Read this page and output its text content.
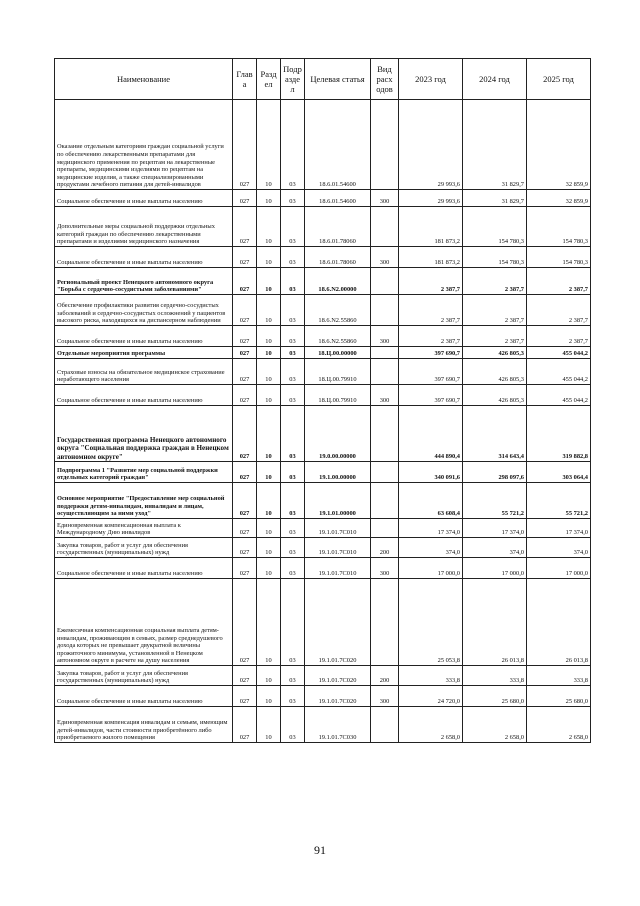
Наименование	Глав а	Разд ел	Подр азде л	Целевая статья	Вид расх одов	2023 год	2024 год	2025 год
Оказание отдельным категориям граждан социальной услуги по обеспечению лекарственными препаратами для медицинского применения по рецептам на лекарственные препараты, медицинскими изделиями по рецептам на медицинские изделия, а также специализированными продуктами лечебного питания для детей-инвалидов	027	10	03	18.6.01.54600		29 993,6	31 829,7	32 859,9
Социальное обеспечение и иные выплаты населению	027	10	03	18.6.01.54600	300	29 993,6	31 829,7	32 859,9
Дополнительные меры социальной поддержки отдельных категорий граждан по обеспечению лекарственными препаратами и изделиями медицинского назначения	027	10	03	18.6.01.78060		181 873,2	154 780,3	154 780,3
Социальное обеспечение и иные выплаты населению	027	10	03	18.6.01.78060	300	181 873,2	154 780,3	154 780,3
Региональный проект Ненецкого автономного округа "Борьба с сердечно-сосудистыми заболеваниями"	027	10	03	18.6.N2.00000		2 387,7	2 387,7	2 387,7
Обеспечение профилактики развития сердечно-сосудистых заболеваний и сердечно-сосудистых осложнений у пациентов высокого риска, находящихся на диспансерном наблюдении	027	10	03	18.6.N2.55860		2 387,7	2 387,7	2 387,7
Социальное обеспечение и иные выплаты населению	027	10	03	18.6.N2.55860	300	2 387,7	2 387,7	2 387,7
Отдельные мероприятия программы	027	10	03	18.Ц.00.00000		397 690,7	426 805,3	455 044,2
Страховые взносы на обязательное медицинское страхование неработающего населения	027	10	03	18.Ц.00.79910		397 690,7	426 805,3	455 044,2
Социальное обеспечение и иные выплаты населению	027	10	03	18.Ц.00.79910	300	397 690,7	426 805,3	455 044,2
Государственная программа Ненецкого автономного округа "Социальная поддержка граждан в Ненецком автономном округе"	027	10	03	19.0.00.00000		444 890,4	314 643,4	319 882,8
Подпрограмма 1 "Развитие мер социальной поддержки отдельных категорий граждан"	027	10	03	19.1.00.00000		340 091,6	298 097,6	303 064,4
Основное мероприятие "Предоставление мер социальной поддержки детям-инвалидам, инвалидам и лицам, осуществляющим за ними уход"	027	10	03	19.1.01.00000		63 608,4	55 721,2	55 721,2
Единовременная компенсационная выплата к Международному Дню инвалидов	027	10	03	19.1.01.7С010		17 374,0	17 374,0	17 374,0
Закупка товаров, работ и услуг для обеспечения государственных (муниципальных) нужд	027	10	03	19.1.01.7С010	200	374,0	374,0	374,0
Социальное обеспечение и иные выплаты населению	027	10	03	19.1.01.7С010	300	17 000,0	17 000,0	17 000,0
Ежемесячная компенсационная социальная выплата детям-инвалидам, проживающим в семьях, размер среднедушевого дохода которых не превышает двукратной величины прожиточного минимума, установленной в Ненецком автономном округе в расчете на душу населения	027	10	03	19.1.01.7С020		25 053,8	26 013,8	26 013,8
Закупка товаров, работ и услуг для обеспечения государственных (муниципальных) нужд	027	10	03	19.1.01.7С020	200	333,8	333,8	333,8
Социальное обеспечение и иные выплаты населению	027	10	03	19.1.01.7С020	300	24 720,0	25 680,0	25 680,0
Единовременная компенсация инвалидам и семьям, имеющим детей-инвалидов, части стоимости приобретённого либо приобретаемого жилого помещения	027	10	03	19.1.01.7С030		2 658,0	2 658,0	2 658,0
91
